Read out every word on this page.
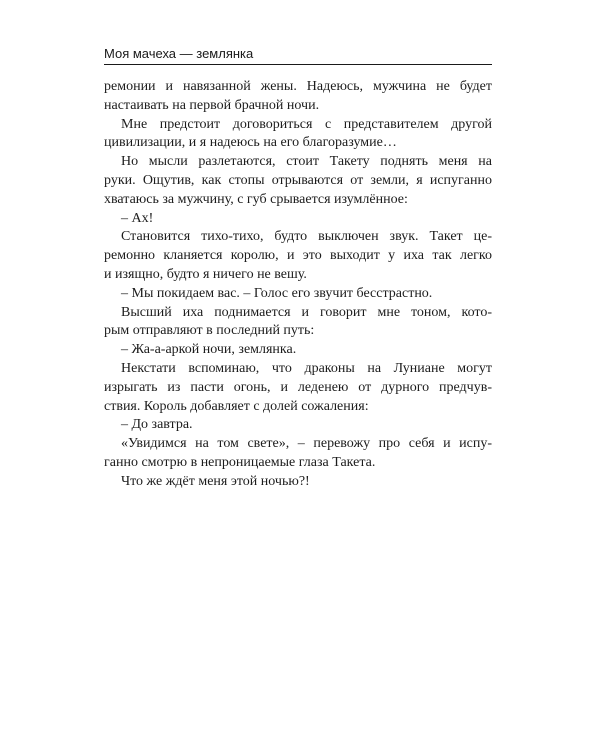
Моя мачеха — землянка
ремонии и навязанной жены. Надеюсь, мужчина не будет
настаивать на первой брачной ночи.
Мне предстоит договориться с представителем другой
цивилизации, и я надеюсь на его благоразумие…
Но мысли разлетаются, стоит Такету поднять меня на
руки. Ощутив, как стопы отрываются от земли, я испуганно
хватаюсь за мужчину, с губ срывается изумлённое:
– Ах!
Становится тихо-тихо, будто выключен звук. Такет це-
ремонно кланяется королю, и это выходит у иха так легко
и изящно, будто я ничего не вешу.
– Мы покидаем вас. – Голос его звучит бесстрастно.
Высший иха поднимается и говорит мне тоном, кото-
рым отправляют в последний путь:
– Жа-а-аркой ночи, землянка.
Некстати вспоминаю, что драконы на Луниане могут
изрыгать из пасти огонь, и леденею от дурного предчув-
ствия. Король добавляет с долей сожаления:
– До завтра.
«Увидимся на том свете», – перевожу про себя и испу-
ганно смотрю в непроницаемые глаза Такета.
Что же ждёт меня этой ночью?!
